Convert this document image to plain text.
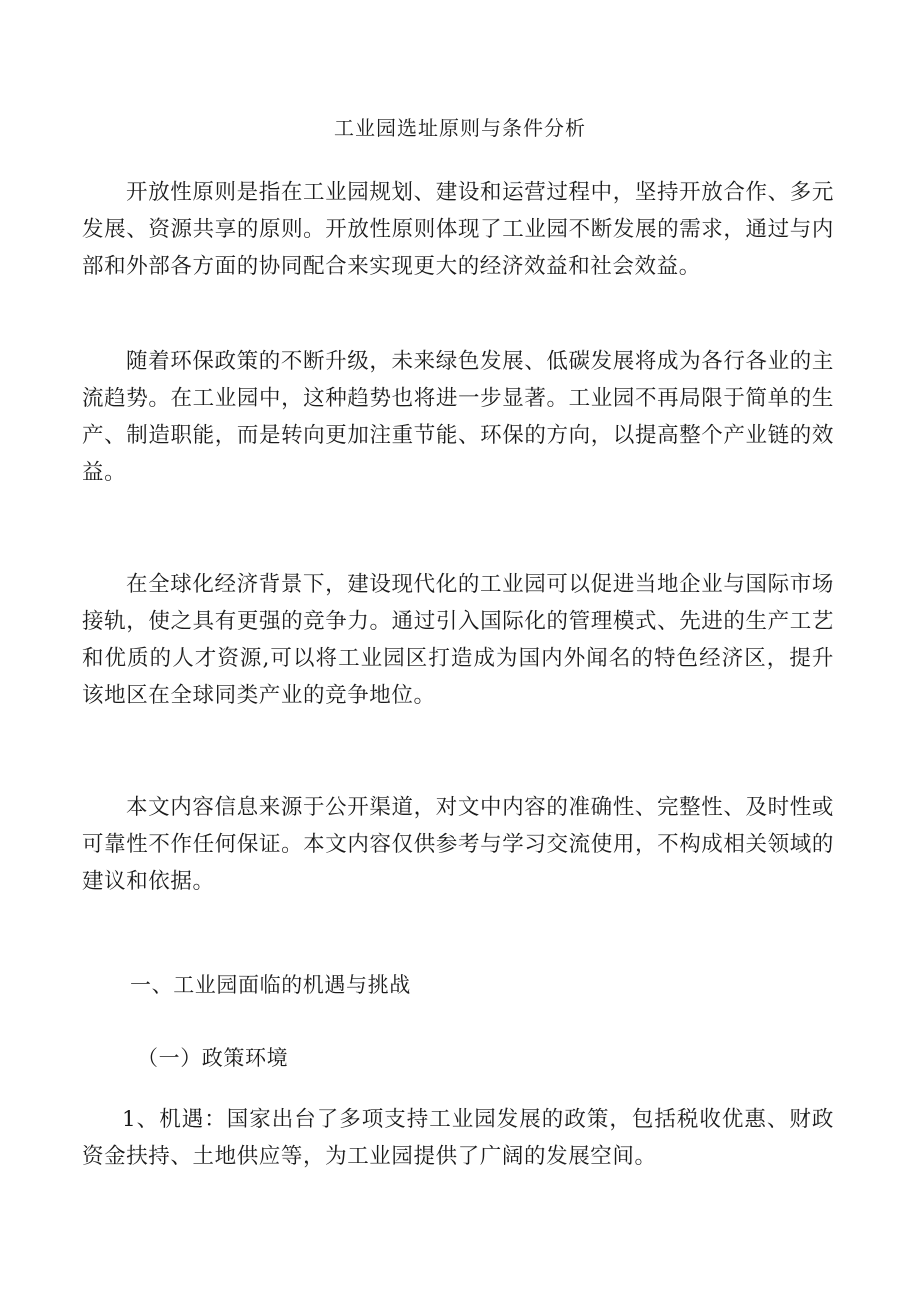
工业园选址原则与条件分析

开放性原则是指在工业园规划、建设和运营过程中，坚持开放合作、多元发展、资源共享的原则。开放性原则体现了工业园不断发展的需求，通过与内部和外部各方面的协同配合来实现更大的经济效益和社会效益。

随着环保政策的不断升级，未来绿色发展、低碳发展将成为各行各业的主流趋势。在工业园中，这种趋势也将进一步显著。工业园不再局限于简单的生产、制造职能，而是转向更加注重节能、环保的方向，以提高整个产业链的效益。

在全球化经济背景下，建设现代化的工业园可以促进当地企业与国际市场接轨，使之具有更强的竞争力。通过引入国际化的管理模式、先进的生产工艺和优质的人才资源,可以将工业园区打造成为国内外闻名的特色经济区，提升该地区在全球同类产业的竞争地位。

本文内容信息来源于公开渠道，对文中内容的准确性、完整性、及时性或可靠性不作任何保证。本文内容仅供参考与学习交流使用，不构成相关领域的建议和依据。

一、工业园面临的机遇与挑战

（一）政策环境

1、机遇：国家出台了多项支持工业园发展的政策，包括税收优惠、财政资金扶持、土地供应等，为工业园提供了广阔的发展空间。
